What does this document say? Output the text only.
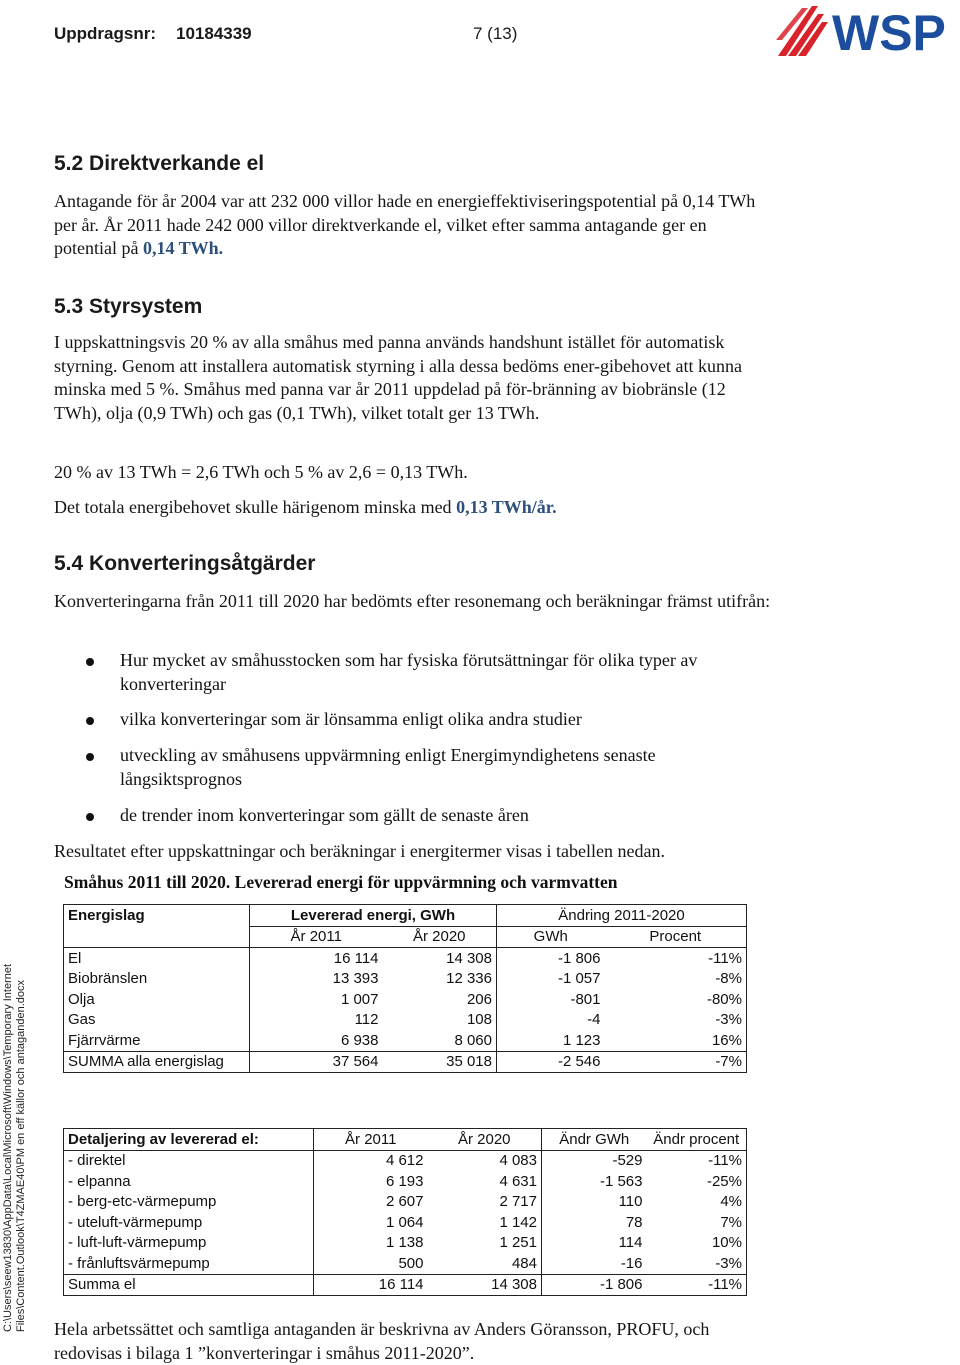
Uppdragsnr: 10184339	7 (13)	WSP
C:\Users\seew13830\AppData\Local\Microsoft\Windows\Temporary Internet Files\Content.Outlook\T4ZMAE40\PM en eff källor och antaganden.docx
5.2 Direktverkande el

Antagande för år 2004 var att 232 000 villor hade en energieffektiviseringspotential på 0,14 TWh per år. År 2011 hade 242 000 villor direktverkande el, vilket efter samma antagande ger en potential på 0,14 TWh.

5.3 Styrsystem

I uppskattningsvis 20 % av alla småhus med panna används handshunt istället för automatisk styrning. Genom att installera automatisk styrning i alla dessa bedöms ener-gibehovet att kunna minska med 5 %. Småhus med panna var år 2011 uppdelad på för-bränning av biobränsle (12 TWh), olja (0,9 TWh) och gas (0,1 TWh), vilket totalt ger 13 TWh.

20 % av 13 TWh = 2,6 TWh och 5 % av 2,6 = 0,13 TWh.

Det totala energibehovet skulle härigenom minska med 0,13 TWh/år.

5.4 Konverteringsåtgärder

Konverteringarna från 2011 till 2020 har bedömts efter resonemang och beräkningar främst utifrån:

Hur mycket av småhusstocken som har fysiska förutsättningar för olika typer av konverteringar
vilka konverteringar som är lönsamma enligt olika andra studier
utveckling av småhusens uppvärmning enligt Energimyndighetens senaste långsiktsprognos
de trender inom konverteringar som gällt de senaste åren

Resultatet efter uppskattningar och beräkningar i energitermer visas i tabellen nedan.

Småhus 2011 till 2020. Levererad energi för uppvärmning och varmvatten
Energislag	Levererad energi, GWh		Ändring 2011-2020	
	År 2011	År 2020	GWh	Procent
El	16 114	14 308	-1 806	-11%
Biobränslen	13 393	12 336	-1 057	-8%
Olja	1 007	206	-801	-80%
Gas	112	108	-4	-3%
Fjärrvärme	6 938	8 060	1 123	16%
SUMMA alla energislag	37 564	35 018	-2 546	-7%
Detaljering av levererad el:	År 2011	År 2020	Ändr GWh	Ändr procent
- direktel	4 612	4 083	-529	-11%
- elpanna	6 193	4 631	-1 563	-25%
- berg-etc-värmepump	2 607	2 717	110	4%
- uteluft-värmepump	1 064	1 142	78	7%
- luft-luft-värmepump	1 138	1 251	114	10%
- frånluftsvärmepump	500	484	-16	-3%
Summa el	16 114	14 308	-1 806	-11%

Hela arbetssättet och samtliga antaganden är beskrivna av Anders Göransson, PROFU, och redovisas i bilaga 1 ”konverteringar i småhus 2011-2020”.
